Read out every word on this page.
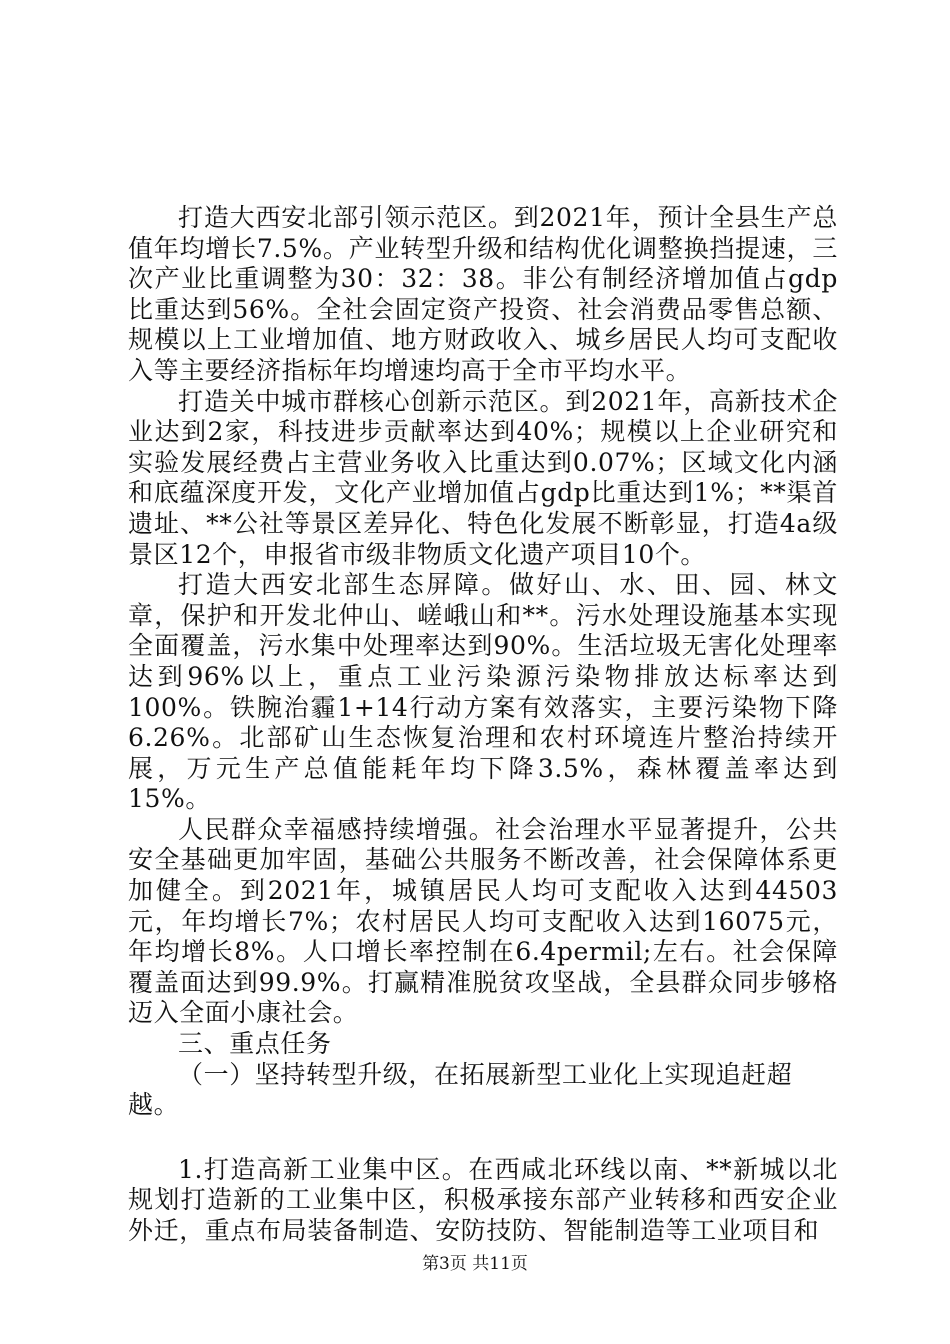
打造大西安北部引领示范区。到2021年，预计全县生产总值年均增长7.5%。产业转型升级和结构优化调整换挡提速，三次产业比重调整为30：32：38。非公有制经济增加值占gdp比重达到56%。全社会固定资产投资、社会消费品零售总额、规模以上工业增加值、地方财政收入、城乡居民人均可支配收入等主要经济指标年均增速均高于全市平均水平。

打造关中城市群核心创新示范区。到2021年，高新技术企业达到2家，科技进步贡献率达到40%；规模以上企业研究和实验发展经费占主营业务收入比重达到0.07%；区域文化内涵和底蕴深度开发，文化产业增加值占gdp比重达到1%；**渠首遗址、**公社等景区差异化、特色化发展不断彰显，打造4a级景区12个，申报省市级非物质文化遗产项目10个。

打造大西安北部生态屏障。做好山、水、田、园、林文章，保护和开发北仲山、嵯峨山和**。污水处理设施基本实现全面覆盖，污水集中处理率达到90%。生活垃圾无害化处理率达到96%以上，重点工业污染源污染物排放达标率达到100%。铁腕治霾1+14行动方案有效落实，主要污染物下降6.26%。北部矿山生态恢复治理和农村环境连片整治持续开展，万元生产总值能耗年均下降3.5%，森林覆盖率达到15%。

人民群众幸福感持续增强。社会治理水平显著提升，公共安全基础更加牢固，基础公共服务不断改善，社会保障体系更加健全。到2021年，城镇居民人均可支配收入达到44503元，年均增长7%；农村居民人均可支配收入达到16075元，年均增长8%。人口增长率控制在6.4permil;左右。社会保障覆盖面达到99.9%。打赢精准脱贫攻坚战，全县群众同步够格迈入全面小康社会。

三、重点任务

（一）坚持转型升级，在拓展新型工业化上实现追赶超越。

1.打造高新工业集中区。在西咸北环线以南、**新城以北规划打造新的工业集中区，积极承接东部产业转移和西安企业外迁，重点布局装备制造、安防技防、智能制造等工业项目和

第3页 共11页
